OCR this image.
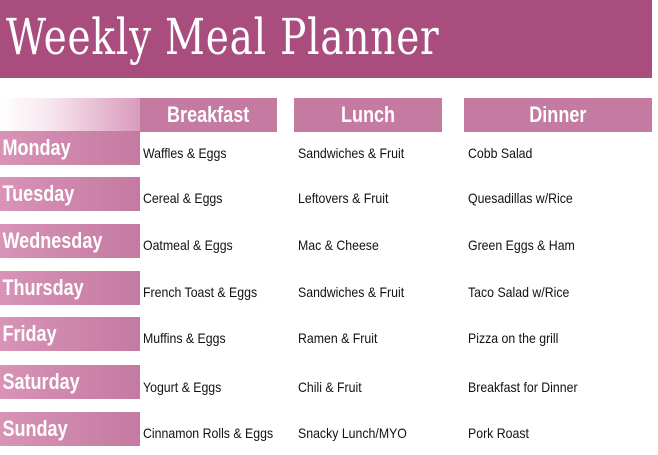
Weekly Meal Planner
Breakfast	Lunch	Dinner
Monday	Waffles & Eggs	Sandwiches & Fruit	Cobb Salad
Tuesday	Cereal & Eggs	Leftovers & Fruit	Quesadillas w/Rice
Wednesday	Oatmeal & Eggs	Mac & Cheese	Green Eggs & Ham
Thursday	French Toast & Eggs	Sandwiches & Fruit	Taco Salad w/Rice
Friday	Muffins & Eggs	Ramen & Fruit	Pizza on the grill
Saturday	Yogurt & Eggs	Chili & Fruit	Breakfast for Dinner
Sunday	Cinnamon Rolls & Eggs	Snacky Lunch/MYO	Pork Roast
